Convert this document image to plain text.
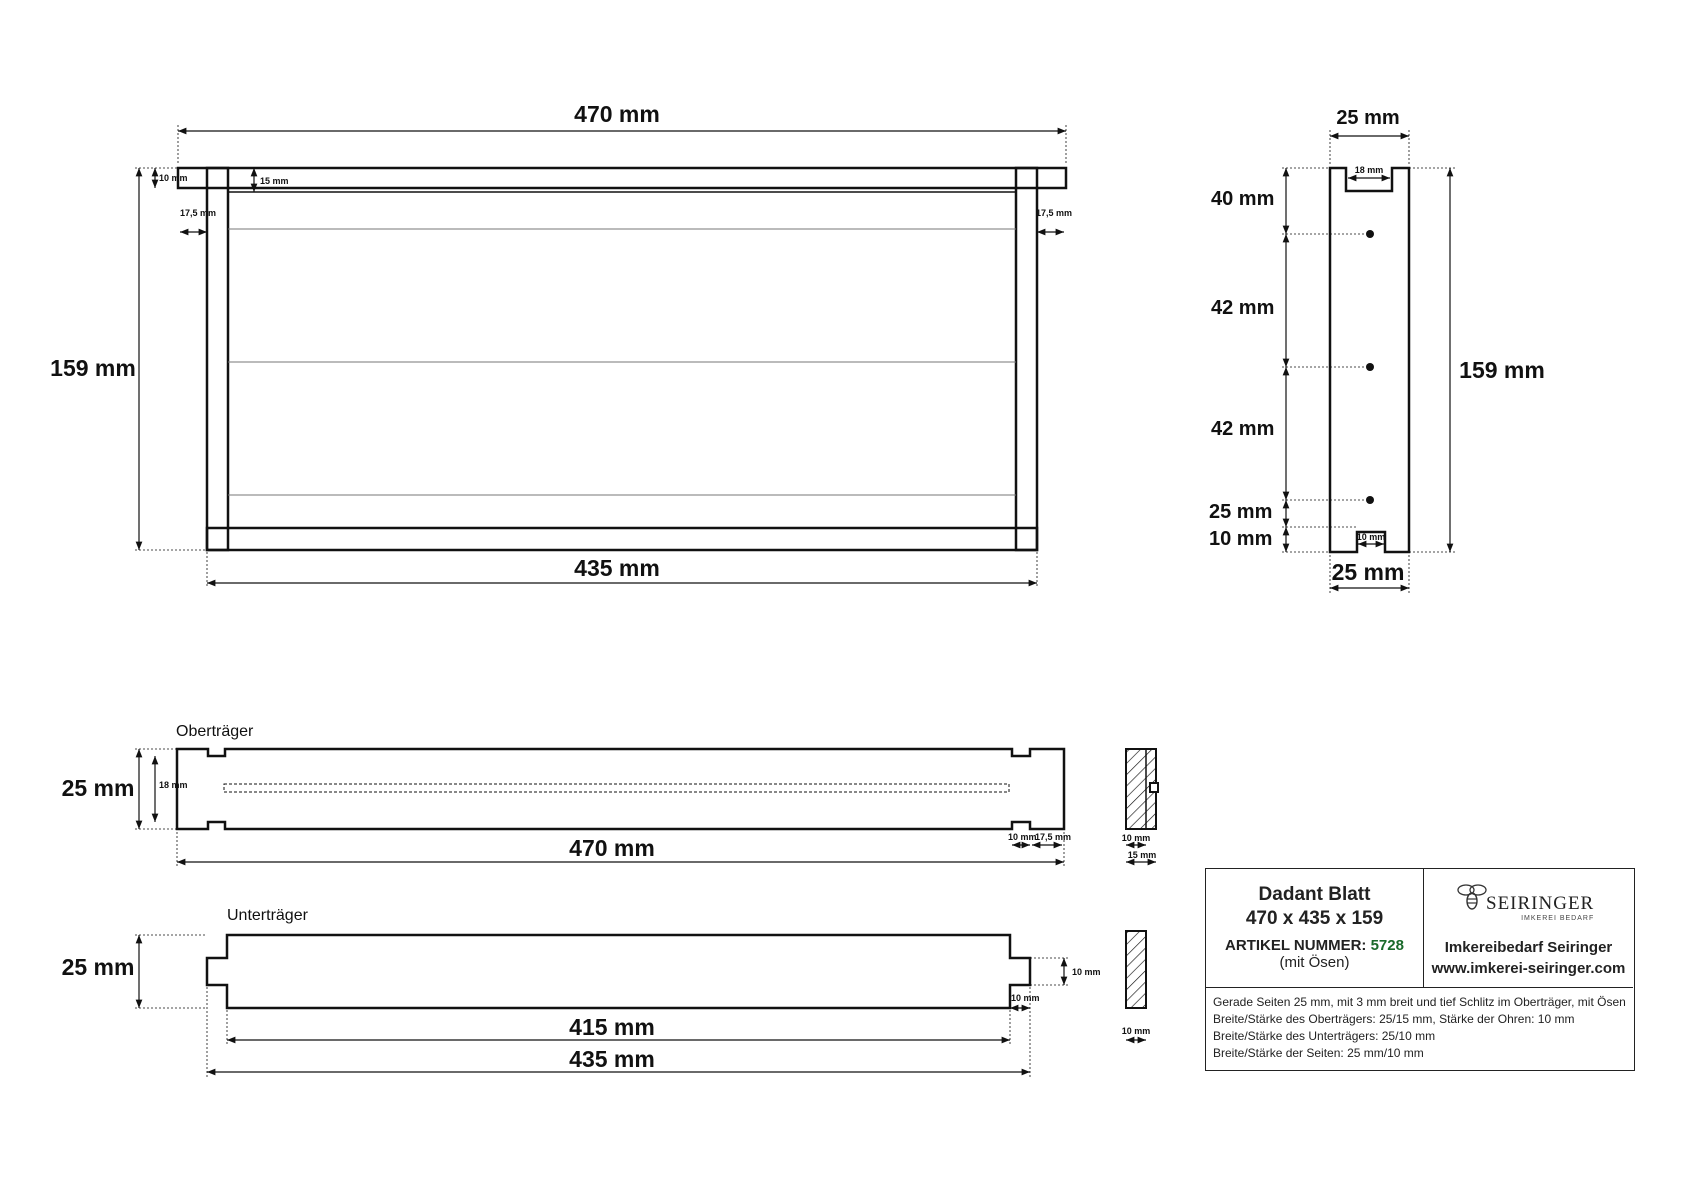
470 mm
159 mm
435 mm
10 mm	15 mm
17,5 mm	17,5 mm
25 mm
18 mm
40 mm
42 mm
42 mm
25 mm
10 mm	10 mm
25 mm
159 mm
Oberträger
25 mm	18 mm
470 mm	10 mm
17,5 mm	10 mm
15 mm
Unterträger
25 mm	10 mm
10 mm
415 mm
435 mm
10 mm
Dadant Blatt
470 x 435 x 159
ARTIKEL NUMMER: 5728
(mit Ösen)
SEIRINGER
IMKEREI BEDARF
Imkereibedarf Seiringer
www.imkerei-seiringer.com
Gerade Seiten 25 mm, mit 3 mm breit und tief Schlitz im Oberträger, mit Ösen
Breite/Stärke des Oberträgers: 25/15 mm, Stärke der Ohren: 10 mm
Breite/Stärke des Unterträgers: 25/10 mm
Breite/Stärke der Seiten: 25 mm/10 mm
